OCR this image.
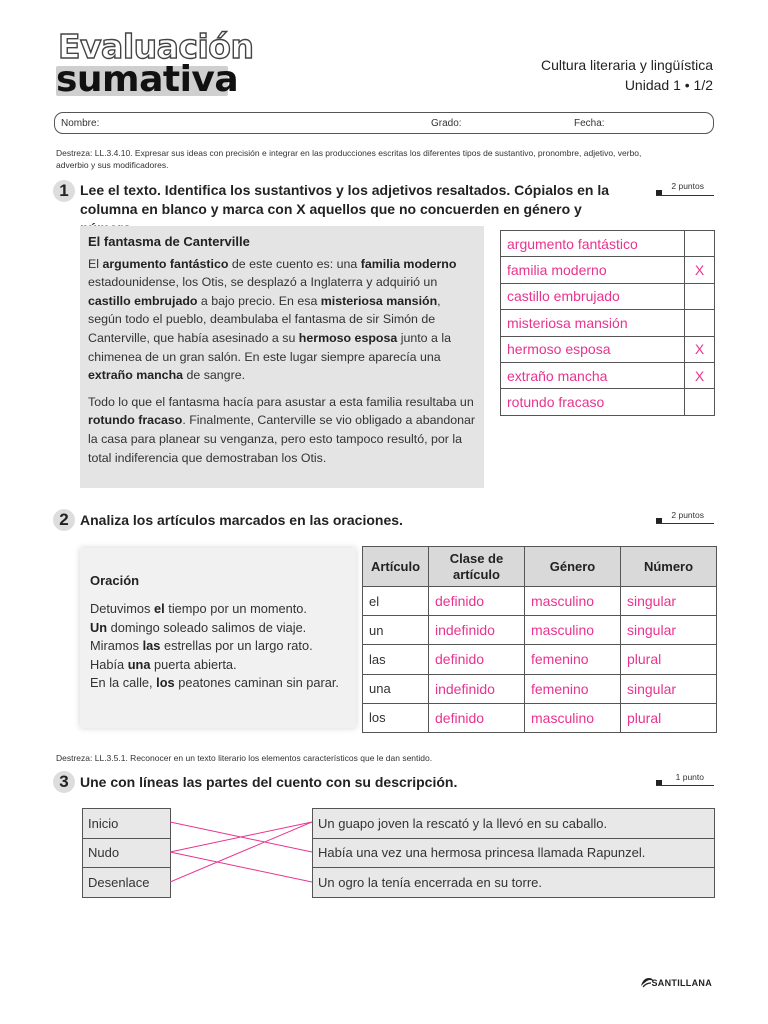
Evaluación
sumativa	Cultura literaria y lingüística
Unidad 1 • 1/2
Nombre:	Grado:	Fecha:
Destreza: LL.3.4.10. Expresar sus ideas con precisión e integrar en las producciones escritas los diferentes tipos de sustantivo, pronombre, adjetivo, verbo, adverbio y sus modificadores.
1 Lee el texto. Identifica los sustantivos y los adjetivos resaltados. Cópialos en la columna en blanco y marca con X aquellos que no concuerden en género y
2 puntos
El fantasma de Canterville

El argumento fantástico de este cuento es: una familia moderno estadounidense, los Otis, se desplazó a Inglaterra y adquirió un castillo embrujado a bajo precio. En esa misteriosa mansión, según todo el pueblo, deambulaba el fantasma de sir Simón de Canterville, que había asesinado a su hermoso esposa junto a la chimenea de un gran salón. En este lugar siempre aparecía una extraño mancha de sangre.

Todo lo que el fantasma hacía para asustar a esta familia resultaba un rotundo fracaso. Finalmente, Canterville se vio obligado a abandonar la casa para planear su venganza, pero esto tampoco resultó, por la total indiferencia que demostraban los Otis.

argumento fantástico	
familia moderno	X
castillo embrujado	
misteriosa mansión	
hermoso esposa	X
extraño mancha	X
rotundo fracaso	
2 Analiza los artículos marcados en las oraciones.	2 puntos
Oración
Detuvimos el tiempo por un momento.
Un domingo soleado salimos de viaje.
Miramos las estrellas por un largo rato.
Había una puerta abierta.
En la calle, los peatones caminan sin parar.
Artículo	Clase de artículo	Género	Número
el	definido	masculino	singular
un	indefinido	masculino	singular
las	definido	femenino	plural
una	indefinido	femenino	singular
los	definido	masculino	plural
Destreza: LL.3.5.1. Reconocer en un texto literario los elementos característicos que le dan sentido.
3 Une con líneas las partes del cuento con su descripción.	1 punto
Inicio
Nudo
Desenlace
Un guapo joven la rescató y la llevó en su caballo.
Había una vez una hermosa princesa llamada Rapunzel.
Un ogro la tenía encerrada en su torre.
SANTILLANA
